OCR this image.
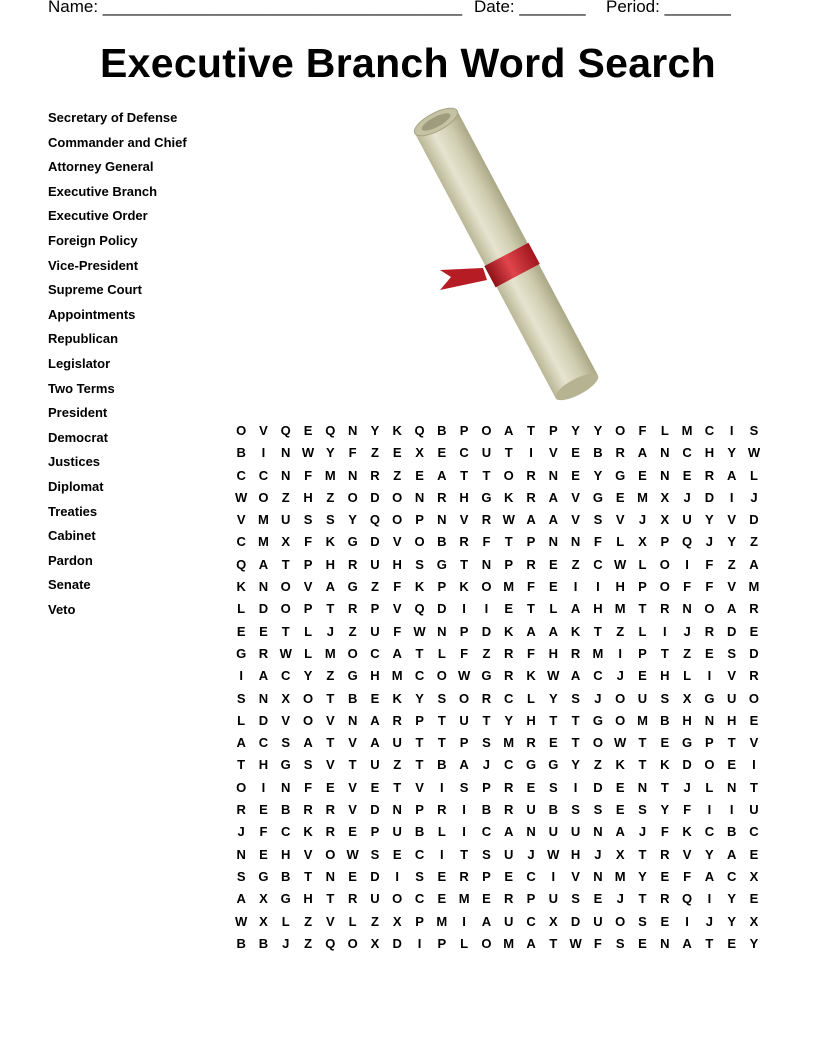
Name: ______________________________________

Date: _______

Period: _______

Executive Branch Word Search
Secretary of Defense
Commander and Chief
Attorney General
Executive Branch
Executive Order
Foreign Policy
Vice-President
Supreme Court
Appointments
Republican
Legislator
Two Terms
President
Democrat
Justices
Diplomat
Treaties
Cabinet
Pardon
Senate
Veto
O V Q E Q N	Y	K Q B	P O A	T	P	Y	Y O	F	L M C	I	S
B	I	N W Y	F	Z	E	X	E	C U	T	I	V	E	B R A N C H	Y W
C C N	F M N R	Z	E	A	T	T	O R N	E	Y G E	N	E	R A	L
W O	Z	H	Z	O D O N R H G K R A	V G E M X	J	D	I	J
V M U	S	S	Y Q O P	N	V	R W A A	V	S	V	J	X	U	Y	V	D
C M X	F	K G D	V O B R	F	T	P	N N	F	L	X	P Q	J	Y	Z
Q A	T	P	H R U H	S G	T	N	P	R	E	Z	C W L	O	I	F	Z	A
K N O V	A G	Z	F	K	P	K O M F	E	I	I	H	P O	F	F	V M
L	D O P	T	R	P	V Q D	I	I	E	T	L	A H M T	R N O A R
E	E	T	L	J	Z	U	F W N	P	D K A A K	T	Z	L	I	J	R D	E
G R W L M O C A	T	L	F	Z	R	F	H R M	I	P	T	Z	E	S	D
I	A C	Y	Z	G H M C O W G R K W A C	J	E	H	L	I	V	R
S	N	X O	T	B	E	K	Y	S O R C	L	Y	S	J	O U	S	X G U O
L	D	V O V	N A R	P	T	U	T	Y	H	T	T	G O M B H N H	E
A C	S	A	T	V	A U	T	T	P	S M R	E	T	O W T	E G P	T	V
T	H G S	V	T	U	Z	T	B A	J	C G G Y	Z	K	T	K D O E	I
O	I	N	F	E	V	E	T	V	I	S	P	R	E	S	I	D	E	N	T	J	L	N	T
R	E	B R R	V	D N	P	R	I	B R U B	S	S	E	S	Y	F	I	I	U
J	F	C K R	E	P	U B	L	I	C A N U U N A	J	F	K C B C
N	E	H	V O W S	E	C	I	T	S	U	J W H	J	X	T	R	V	Y	A	E
S G B	T	N	E	D	I	S	E	R	P	E	C	I	V	N M Y	E	F	A C	X
A	X G H	T	R U O C	E M E	R	P	U	S	E	J	T	R Q	I	Y	E
W X	L	Z	V	L	Z	X	P M	I	A U C	X	D U O S	E	I	J	Y	X
B B	J	Z	Q O X	D	I	P	L	O M A	T W F	S	E	N A	T	E	Y
